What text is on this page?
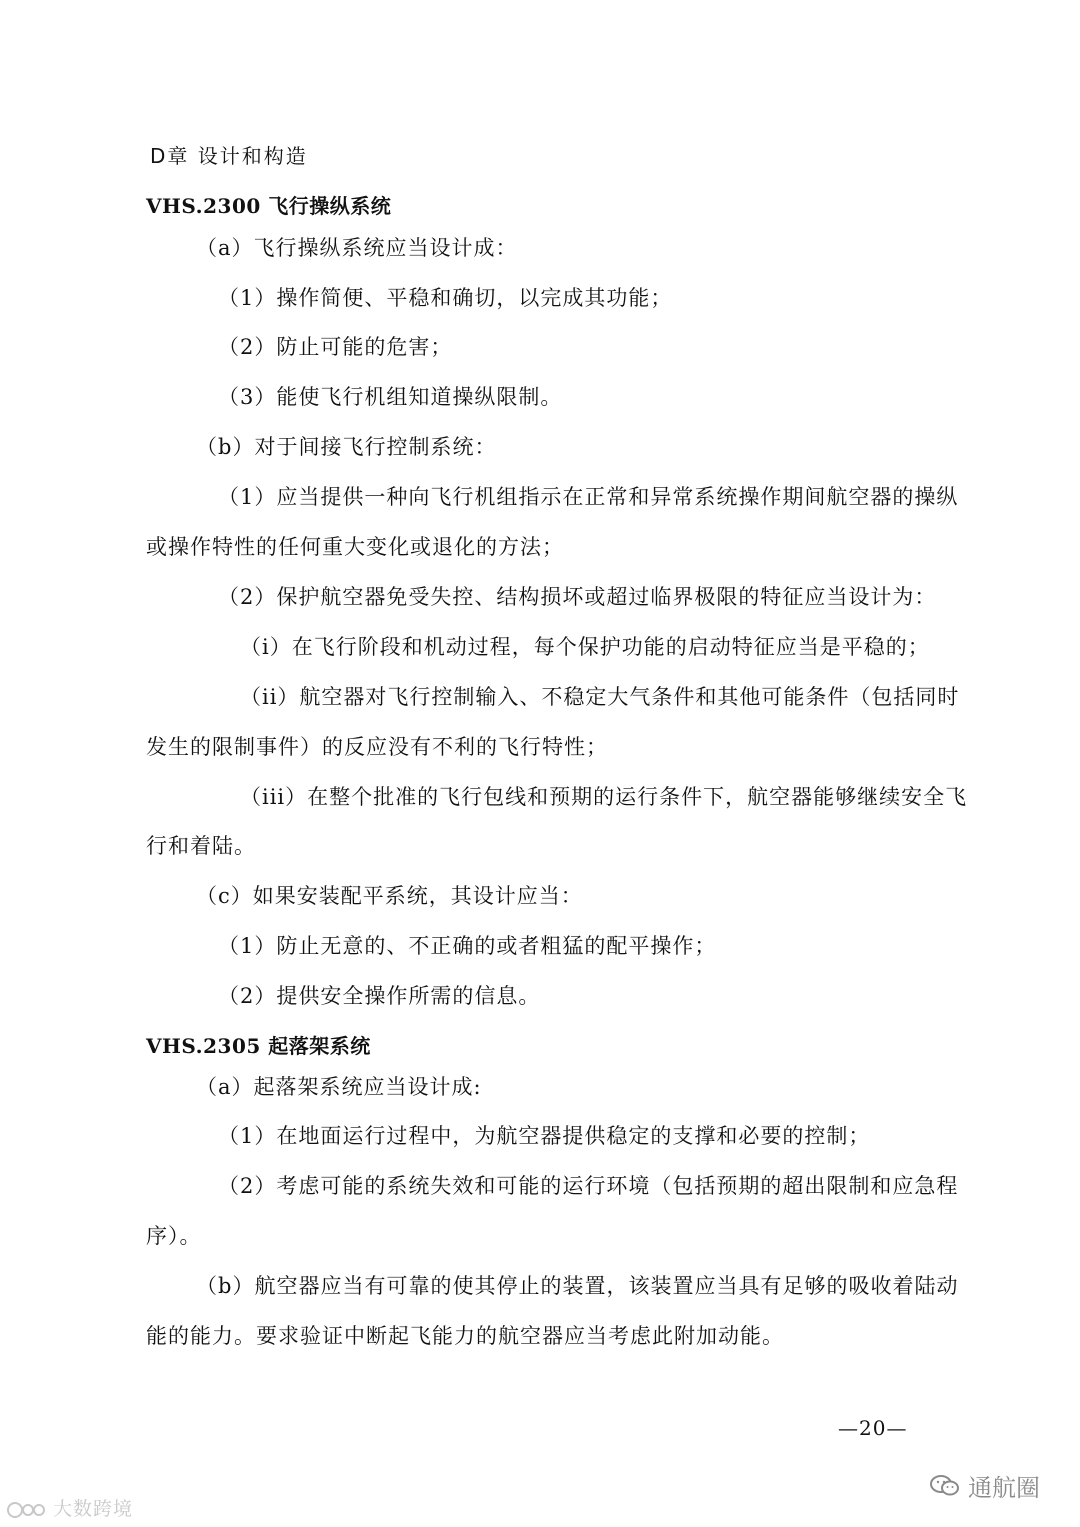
D章 设计和构造
VHS.2300 飞行操纵系统
（a）飞行操纵系统应当设计成：
（1）操作简便、平稳和确切，以完成其功能；
（2）防止可能的危害；
（3）能使飞行机组知道操纵限制。
（b）对于间接飞行控制系统：
（1）应当提供一种向飞行机组指示在正常和异常系统操作期间航空器的操纵
或操作特性的任何重大变化或退化的方法；
（2）保护航空器免受失控、结构损坏或超过临界极限的特征应当设计为：
（i）在飞行阶段和机动过程，每个保护功能的启动特征应当是平稳的；
（ii）航空器对飞行控制输入、不稳定大气条件和其他可能条件（包括同时
发生的限制事件）的反应没有不利的飞行特性；
（iii）在整个批准的飞行包线和预期的运行条件下，航空器能够继续安全飞
行和着陆。
（c）如果安装配平系统，其设计应当：
（1）防止无意的、不正确的或者粗猛的配平操作；
（2）提供安全操作所需的信息。
VHS.2305 起落架系统
（a）起落架系统应当设计成:
（1）在地面运行过程中，为航空器提供稳定的支撑和必要的控制；
（2）考虑可能的系统失效和可能的运行环境（包括预期的超出限制和应急程
序）。
（b）航空器应当有可靠的使其停止的装置，该装置应当具有足够的吸收着陆动
能的能力。要求验证中断起飞能力的航空器应当考虑此附加动能。
—20—
大数跨境
通航圈
